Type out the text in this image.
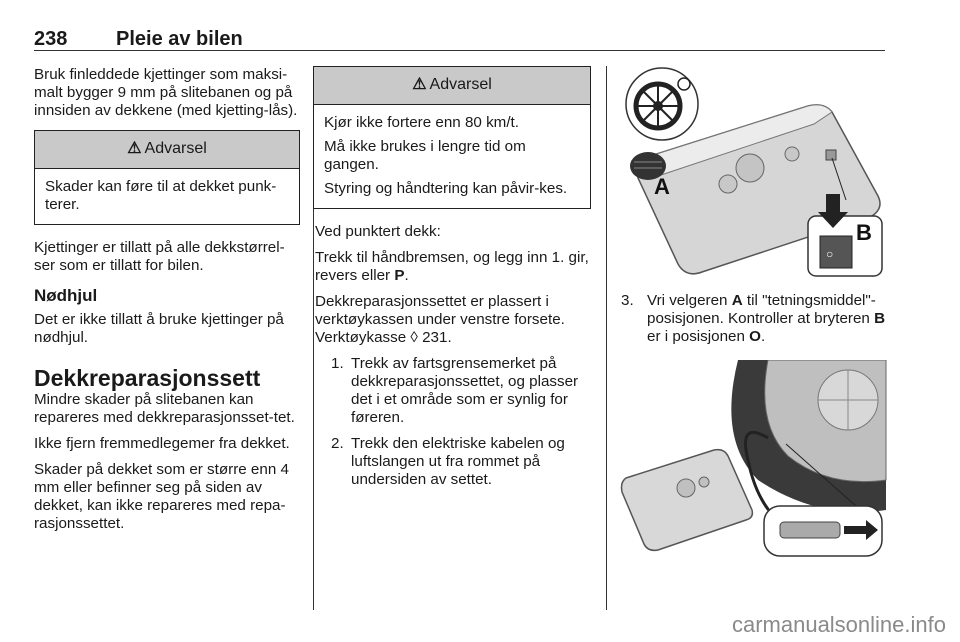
238 Pleie av bilen

Bruk finleddede kjettinger som maksi-malt bygger 9 mm på slitebanen og på innsiden av dekkene (med kjetting-lås).

⚠ Advarsel

Skader kan føre til at dekket punk-terer.

Kjettinger er tillatt på alle dekkstørrel-ser som er tillatt for bilen.

Nødhjul

Det er ikke tillatt å bruke kjettinger på nødhjul.

Dekkreparasjonssett

Mindre skader på slitebanen kan repareres med dekkreparasjonsset-tet.

Ikke fjern fremmedlegemer fra dekket.

Skader på dekket som er større enn 4 mm eller befinner seg på siden av dekket, kan ikke repareres med repa-rasjonssettet.

⚠ Advarsel

Kjør ikke fortere enn 80 km/t.

Må ikke brukes i lengre tid om gangen.

Styring og håndtering kan påvir-kes.

Ved punktert dekk:

Trekk til håndbremsen, og legg inn 1. gir, revers eller P.

Dekkreparasjonssettet er plassert i verktøykassen under venstre forsete. Verktøykasse ◊ 231.

1. Trekk av fartsgrensemerket på dekkreparasjonssettet, og plasser det i et område som er synlig for føreren.
2. Trekk den elektriske kabelen og luftslangen ut fra rommet på undersiden av settet.
A
○
B
3. Vri velgeren A til "tetningsmiddel"-posisjonen. Kontroller at bryteren B er i posisjonen O.
carmanualsonline.info
